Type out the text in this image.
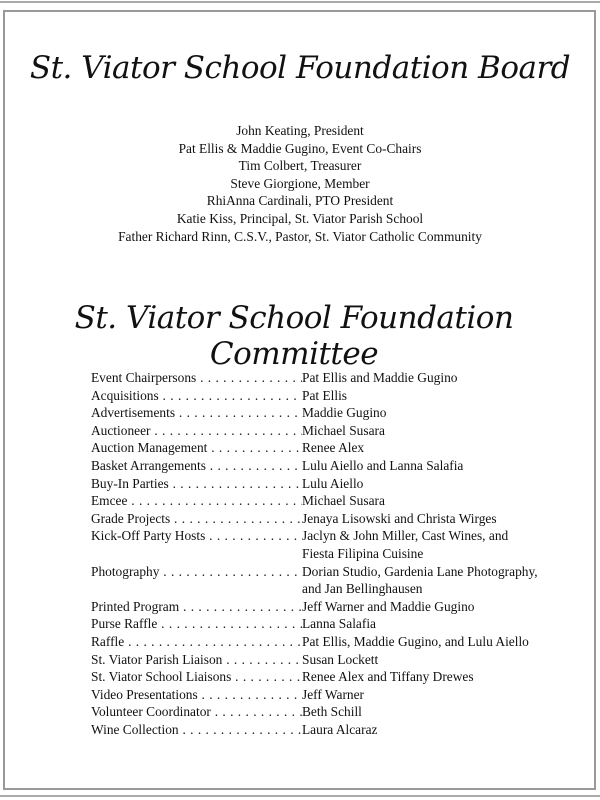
St. Viator School Foundation Board
John Keating, President
Pat Ellis & Maddie Gugino, Event Co-Chairs
Tim Colbert, Treasurer
Steve Giorgione, Member
RhiAnna Cardinali, PTO President
Katie Kiss, Principal, St. Viator Parish School
Father Richard Rinn, C.S.V., Pastor, St. Viator Catholic Community
St. Viator School Foundation Committee
Event Chairpersons . . .	Pat Ellis and Maddie Gugino
Acquisitions . . .	Pat Ellis
Advertisements . . .	Maddie Gugino
Auctioneer . . .	Michael Susara
Auction Management . . .	Renee Alex
Basket Arrangements . . .	Lulu Aiello and Lanna Salafia
Buy-In Parties . . .	Lulu Aiello
Emcee . . .	Michael Susara
Grade Projects . . .	Jenaya Lisowski and Christa Wirges
Kick-Off Party Hosts . . .	Jaclyn & John Miller, Cast Wines, and
Fiesta Filipina Cuisine
Photography . . .	Dorian Studio, Gardenia Lane Photography,
and Jan Bellinghausen
Printed Program . . .	Jeff Warner and Maddie Gugino
Purse Raffle . . .	Lanna Salafia
Raffle . . .	Pat Ellis, Maddie Gugino, and Lulu Aiello
St. Viator Parish Liaison . . .	Susan Lockett
St. Viator School Liaisons . . .	Renee Alex and Tiffany Drewes
Video Presentations . . .	Jeff Warner
Volunteer Coordinator . . .	Beth Schill
Wine Collection . . .	Laura Alcaraz
